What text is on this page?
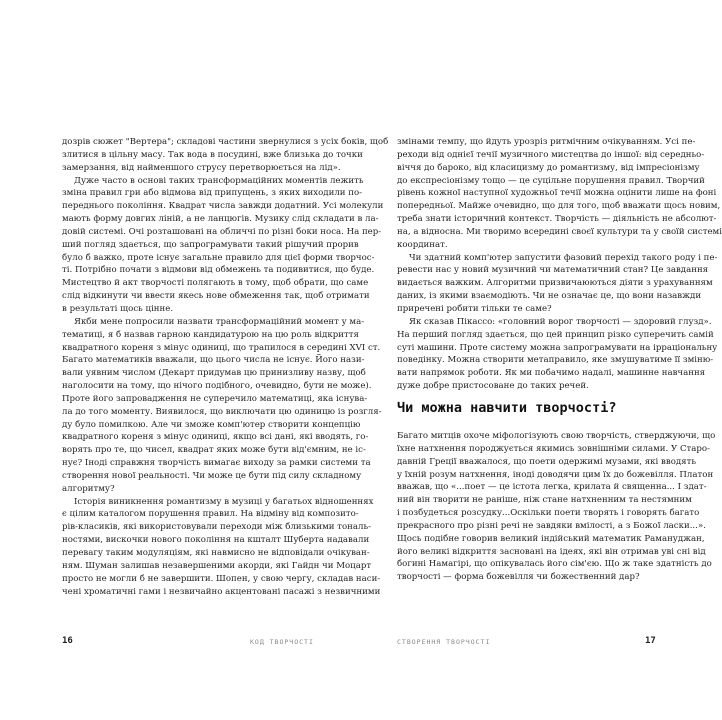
дозрів сюжет "Вертера"; складові частини звернулися з усіх боків, щоб
злитися в цільну масу. Так вода в посудині, вже близька до точки
замерзання, від найменшого струсу перетворюється на лід».
Дуже часто в основі таких трансформаційних моментів лежить
зміна правил гри або відмова від припущень, з яких виходили по-
переднього покоління. Квадрат числа завжди додатний. Усі молекули
мають форму довгих ліній, а не ланцюгів. Музику слід складати в ла-
довій системі. Очі розташовані на обличчі по різні боки носа. На пер-
ший погляд здається, що запрограмувати такий рішучий прорив
було б важко, проте існує загальне правило для цієї форми творчос-
ті. Потрібно почати з відмови від обмежень та подивитися, що буде.
Мистецтво й акт творчості полягають в тому, щоб обрати, що саме
слід відкинути чи ввести якесь нове обмеження так, щоб отримати
в результаті щось цінне.
Якби мене попросили назвати трансформаційний момент у ма-
тематиці, я б назвав гарною кандидатурою на цю роль відкриття
квадратного кореня з мінус одиниці, що трапилося в середині XVI ст.
Багато математиків вважали, що цього числа не існує. Його нази-
вали уявним числом (Декарт придумав цю принизливу назву, щоб
наголосити на тому, що нічого подібного, очевидно, бути не може).
Проте його запровадження не суперечило математиці, яка існува-
ла до того моменту. Виявилося, що виключати цю одиницю із розгля-
ду було помилкою. Але чи зможе комп'ютер створити концепцію
квадратного кореня з мінус одиниці, якщо всі дані, які вводять, го-
ворять про те, що чисел, квадрат яких може бути від'ємним, не іс-
нує? Іноді справжня творчість вимагає виходу за рамки системи та
створення нової реальності. Чи може це бути під силу складному
алгоритму?
Історія виникнення романтизму в музиці у багатьох відношеннях
є цілим каталогом порушення правил. На відміну від композито-
рів-класиків, які використовували переходи між близькими тональ-
ностями, вискочки нового покоління на кшталт Шуберта надавали
перевагу таким модуляціям, які навмисно не відповідали очікуван-
ням. Шуман залишав незавершеними акорди, які Гайдн чи Моцарт
просто не могли б не завершити. Шопен, у свою чергу, складав наси-
чені хроматичні гами і незвичайно акцентовані пасажі з незвичними
16	КОД ТВОРЧОСТІ
змінами темпу, що йдуть урозріз ритмічним очікуванням. Усі пе-
реходи від однієї течії музичного мистецтва до іншої: від середньо-
віччя до бароко, від класицизму до романтизму, від імпресіонізму
до експресіонізму тощо — це суцільне порушення правил. Творчий
рівень кожної наступної художньої течії можна оцінити лише на фоні
попередньої. Майже очевидно, що для того, щоб вважати щось новим,
треба знати історичний контекст. Творчість — діяльність не абсолют-
на, а відносна. Ми творимо всередині своєї культури та у своїй системі
координат.
Чи здатний комп'ютер запустити фазовий перехід такого роду і пе-
ревести нас у новий музичний чи математичний стан? Це завдання
видається важким. Алгоритми призвичаюються діяти з урахуванням
даних, із якими взаємодіють. Чи не означає це, що вони назавжди
приречені робити тільки те саме?
Як сказав Пікассо: «головний ворог творчості — здоровий глузд».
На перший погляд здається, що цей принцип різко суперечить самій
суті машини. Проте систему можна запрограмувати на ірраціональну
поведінку. Можна створити метаправило, яке змушуватиме її зміню-
вати напрямок роботи. Як ми побачимо надалі, машинне навчання
дуже добре пристосоване до таких речей.
Чи можна навчити творчості?
Багато митців охоче міфологізують свою творчість, стверджуючи, що
їхне натхнення породжується якимись зовнішніми силами. У Старо-
давній Греції вважалося, що поети одержимі музами, які вводять
у їхній розум натхнення, іноді доводячи цим їх до божевілля. Платон
вважав, що «...поет — це істота легка, крилата й священна... І здат-
ний він творити не раніше, ніж стане натхненним та нестямним
і позбудеться розсудку...Оскільки поети творять і говорять багато
прекрасного про різні речі не завдяки вмілості, а з Божої ласки...».
Щось подібне говорив великий індійський математик Рамануджан,
його великі відкриття засновані на ідеях, які він отримав уві сні від
богині Намагірі, що опікувалась його сім'єю. Що ж таке здатність до
творчості — форма божевілля чи божественний дар?
СТВОРЕННЯ ТВОРЧОСТІ	17
